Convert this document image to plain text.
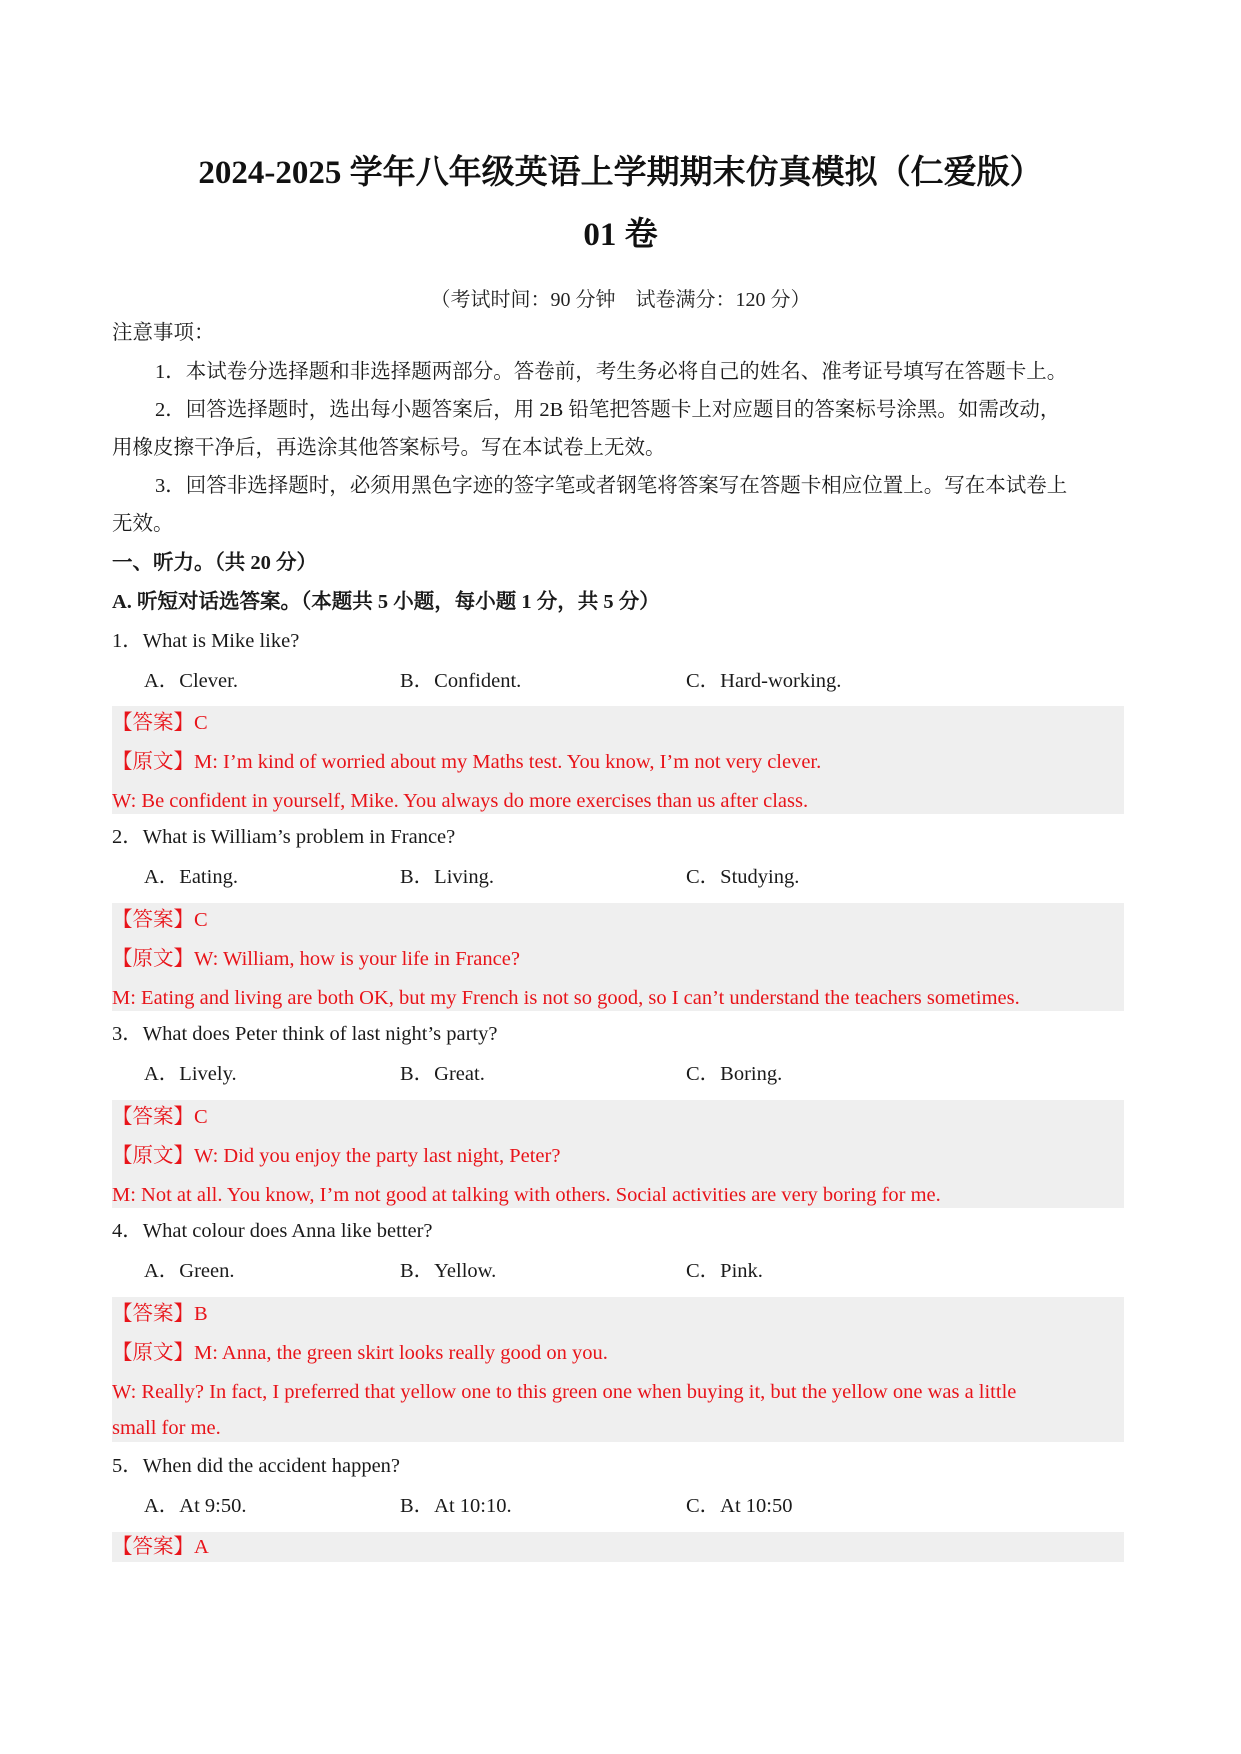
2024-2025 学年八年级英语上学期期末仿真模拟（仁爱版）
01 卷
（考试时间：90 分钟　试卷满分：120 分）
注意事项：
1．本试卷分选择题和非选择题两部分。答卷前，考生务必将自己的姓名、准考证号填写在答题卡上。
2．回答选择题时，选出每小题答案后，用 2B 铅笔把答题卡上对应题目的答案标号涂黑。如需改动，
用橡皮擦干净后，再选涂其他答案标号。写在本试卷上无效。
3．回答非选择题时，必须用黑色字迹的签字笔或者钢笔将答案写在答题卡相应位置上。写在本试卷上
无效。
一、听力。（共 20 分）
A. 听短对话选答案。（本题共 5 小题，每小题 1 分，共 5 分）
1．What is Mike like?
A．Clever.	B．Confident.	C．Hard-working.
【答案】C
【原文】M: I’m kind of worried about my Maths test. You know, I’m not very clever.
W: Be confident in yourself, Mike. You always do more exercises than us after class.
2．What is William’s problem in France?
A．Eating.	B．Living.	C．Studying.
【答案】C
【原文】W: William, how is your life in France?
M: Eating and living are both OK, but my French is not so good, so I can’t understand the teachers sometimes.
3．What does Peter think of last night’s party?
A．Lively.	B．Great.	C．Boring.
【答案】C
【原文】W: Did you enjoy the party last night, Peter?
M: Not at all. You know, I’m not good at talking with others. Social activities are very boring for me.
4．What colour does Anna like better?
A．Green.	B．Yellow.	C．Pink.
【答案】B
【原文】M: Anna, the green skirt looks really good on you.
W: Really? In fact, I preferred that yellow one to this green one when buying it, but the yellow one was a little
small for me.
5．When did the accident happen?
A．At 9:50.	B．At 10:10.	C．At 10:50
【答案】A
